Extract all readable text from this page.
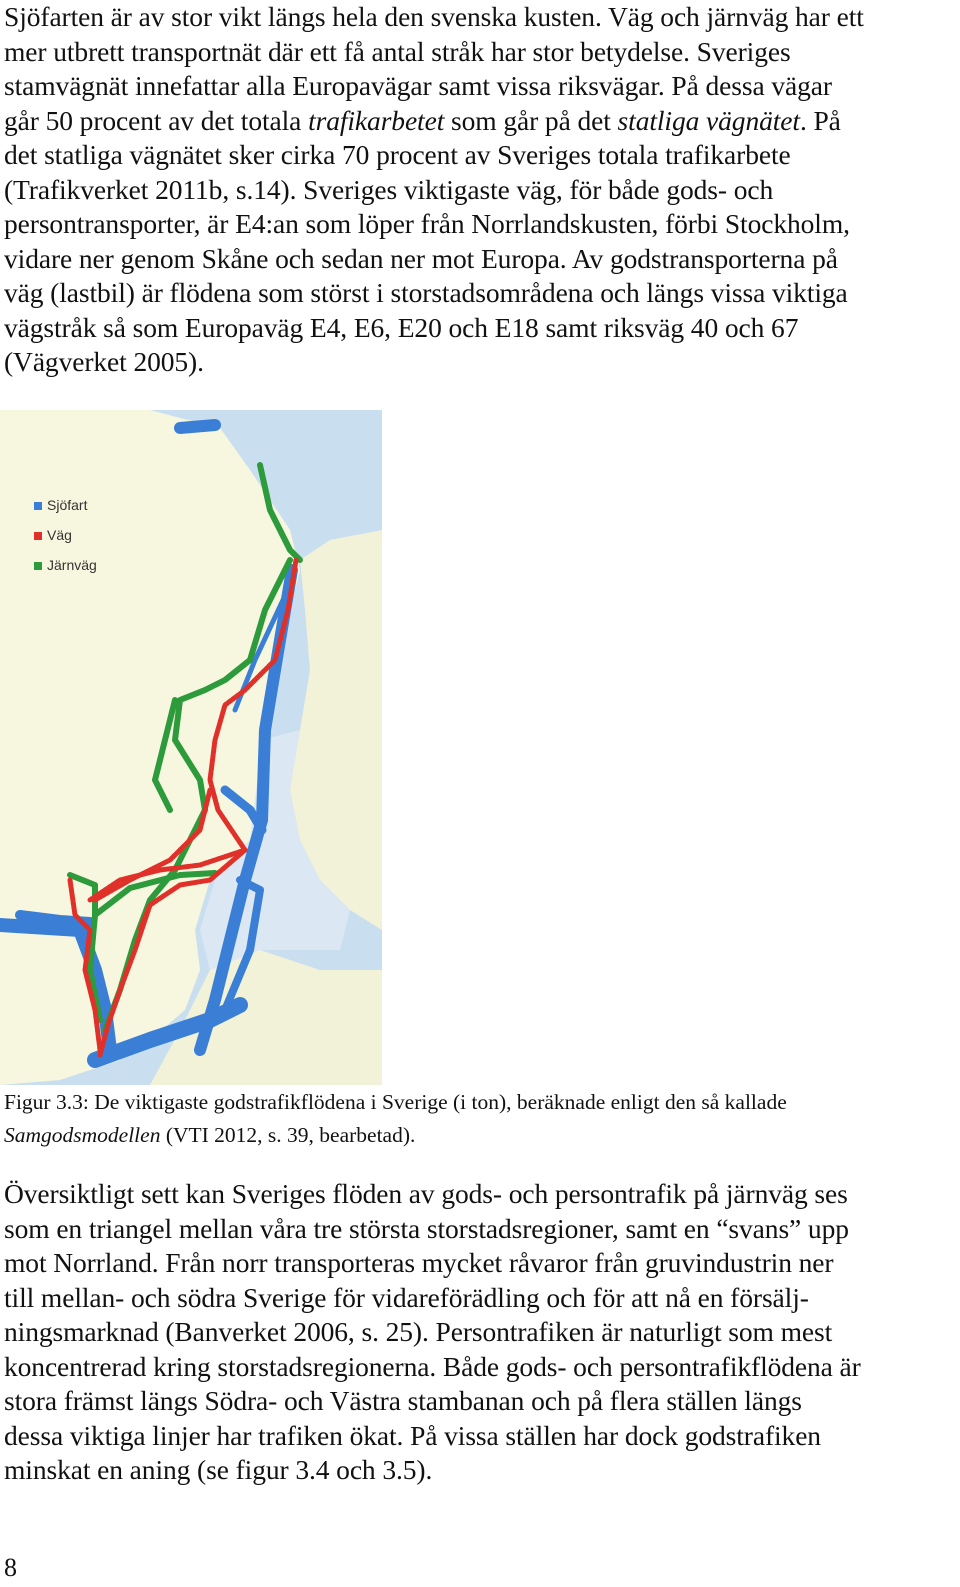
Sjöfarten är av stor vikt längs hela den svenska kusten. Väg och järnväg har ett
mer utbrett transportnät där ett få antal stråk har stor betydelse. Sveriges
stamvägnät innefattar alla Europavägar samt vissa riksvägar. På dessa vägar
går 50 procent av det totala trafikarbetet som går på det statliga vägnätet. På
det statliga vägnätet sker cirka 70 procent av Sveriges totala trafikarbete
(Trafikverket 2011b, s.14). Sveriges viktigaste väg, för både gods- och
persontransporter, är E4:an som löper från Norrlandskusten, förbi Stockholm,
vidare ner genom Skåne och sedan ner mot Europa. Av godstransporterna på
väg (lastbil) är flödena som störst i storstadsområdena och längs vissa viktiga
vägstråk så som Europaväg E4, E6, E20 och E18 samt riksväg 40 och 67
(Vägverket 2005).
Sjöfart
Väg
Järnväg

Figur 3.3: De viktigaste godstrafikflödena i Sverige (i ton), beräknade enligt den så kallade
Samgodsmodellen (VTI 2012, s. 39, bearbetad).

Översiktligt sett kan Sveriges flöden av gods- och persontrafik på järnväg ses
som en triangel mellan våra tre största storstadsregioner, samt en “svans” upp
mot Norrland. Från norr transporteras mycket råvaror från gruvindustrin ner
till mellan- och södra Sverige för vidareförädling och för att nå en försälj-
ningsmarknad (Banverket 2006, s. 25). Persontrafiken är naturligt som mest
koncentrerad kring storstadsregionerna. Både gods- och persontrafikflödena är
stora främst längs Södra- och Västra stambanan och på flera ställen längs
dessa viktiga linjer har trafiken ökat. På vissa ställen har dock godstrafiken
minskat en aning (se figur 3.4 och 3.5).
8
